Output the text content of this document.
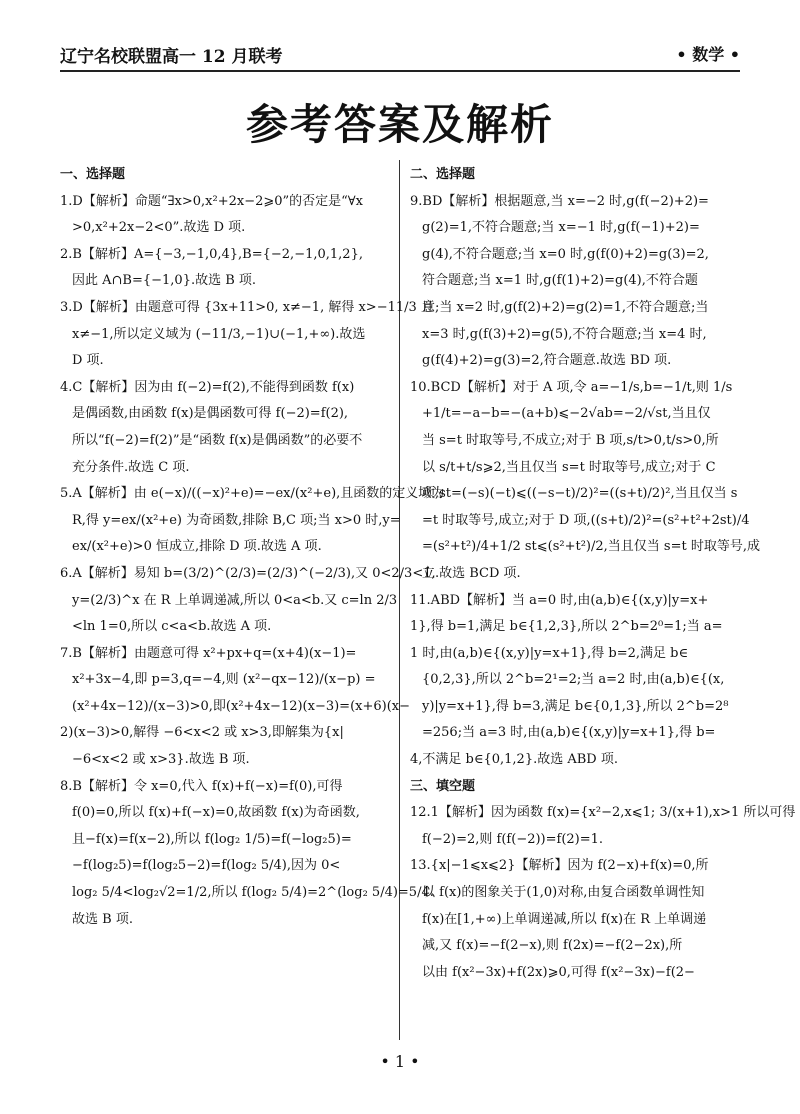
辽宁名校联盟高一 12 月联考	• 数学 •
参考答案及解析
一、选择题
1.D【解析】命题“∃x>0,x²+2x−2⩾0”的否定是“∀x
>0,x²+2x−2<0”.故选 D 项.
2.B【解析】A={−3,−1,0,4},B={−2,−1,0,1,2},
因此 A∩B={−1,0}.故选 B 项.
3.D【解析】由题意可得 {3x+11>0, x≠−1, 解得 x>−11/3 且
x≠−1,所以定义域为 (−11/3,−1)∪(−1,+∞).故选
D 项.
4.C【解析】因为由 f(−2)=f(2),不能得到函数 f(x)
是偶函数,由函数 f(x)是偶函数可得 f(−2)=f(2),
所以“f(−2)=f(2)”是“函数 f(x)是偶函数”的必要不
充分条件.故选 C 项.
5.A【解析】由 e(−x)/((−x)²+e)=−ex/(x²+e),且函数的定义域为
R,得 y=ex/(x²+e) 为奇函数,排除 B,C 项;当 x>0 时,y=
ex/(x²+e)>0 恒成立,排除 D 项.故选 A 项.
6.A【解析】易知 b=(3/2)^(2/3)=(2/3)^(−2/3),又 0<2/3<1,
y=(2/3)^x 在 R 上单调递减,所以 0<a<b.又 c=ln 2/3
<ln 1=0,所以 c<a<b.故选 A 项.
7.B【解析】由题意可得 x²+px+q=(x+4)(x−1)=
x²+3x−4,即 p=3,q=−4,则 (x²−qx−12)/(x−p) =
(x²+4x−12)/(x−3)>0,即(x²+4x−12)(x−3)=(x+6)(x−
2)(x−3)>0,解得 −6<x<2 或 x>3,即解集为{x|
−6<x<2 或 x>3}.故选 B 项.
8.B【解析】令 x=0,代入 f(x)+f(−x)=f(0),可得
f(0)=0,所以 f(x)+f(−x)=0,故函数 f(x)为奇函数,
且−f(x)=f(x−2),所以 f(log₂ 1/5)=f(−log₂5)=
−f(log₂5)=f(log₂5−2)=f(log₂ 5/4),因为 0<
log₂ 5/4<log₂√2=1/2,所以 f(log₂ 5/4)=2^(log₂ 5/4)=5/4.
故选 B 项.
二、选择题
9.BD【解析】根据题意,当 x=−2 时,g(f(−2)+2)=
g(2)=1,不符合题意;当 x=−1 时,g(f(−1)+2)=
g(4),不符合题意;当 x=0 时,g(f(0)+2)=g(3)=2,
符合题意;当 x=1 时,g(f(1)+2)=g(4),不符合题
意;当 x=2 时,g(f(2)+2)=g(2)=1,不符合题意;当
x=3 时,g(f(3)+2)=g(5),不符合题意;当 x=4 时,
g(f(4)+2)=g(3)=2,符合题意.故选 BD 项.
10.BCD【解析】对于 A 项,令 a=−1/s,b=−1/t,则 1/s
+1/t=−a−b=−(a+b)⩽−2√ab=−2/√st,当且仅
当 s=t 时取等号,不成立;对于 B 项,s/t>0,t/s>0,所
以 s/t+t/s⩾2,当且仅当 s=t 时取等号,成立;对于 C
项,st=(−s)(−t)⩽((−s−t)/2)²=((s+t)/2)²,当且仅当 s
=t 时取等号,成立;对于 D 项,((s+t)/2)²=(s²+t²+2st)/4
=(s²+t²)/4+1/2 st⩽(s²+t²)/2,当且仅当 s=t 时取等号,成
立.故选 BCD 项.
11.ABD【解析】当 a=0 时,由(a,b)∈{(x,y)|y=x+
1},得 b=1,满足 b∈{1,2,3},所以 2^b=2⁰=1;当 a=
1 时,由(a,b)∈{(x,y)|y=x+1},得 b=2,满足 b∈
{0,2,3},所以 2^b=2¹=2;当 a=2 时,由(a,b)∈{(x,
y)|y=x+1},得 b=3,满足 b∈{0,1,3},所以 2^b=2⁸
=256;当 a=3 时,由(a,b)∈{(x,y)|y=x+1},得 b=
4,不满足 b∈{0,1,2}.故选 ABD 项.
三、填空题
12.1【解析】因为函数 f(x)={x²−2,x⩽1; 3/(x+1),x>1 所以可得
f(−2)=2,则 f(f(−2))=f(2)=1.
13.{x|−1⩽x⩽2}【解析】因为 f(2−x)+f(x)=0,所
以 f(x)的图象关于(1,0)对称,由复合函数单调性知
f(x)在[1,+∞)上单调递减,所以 f(x)在 R 上单调递
减,又 f(x)=−f(2−x),则 f(2x)=−f(2−2x),所
以由 f(x²−3x)+f(2x)⩾0,可得 f(x²−3x)−f(2−
• 1 •
